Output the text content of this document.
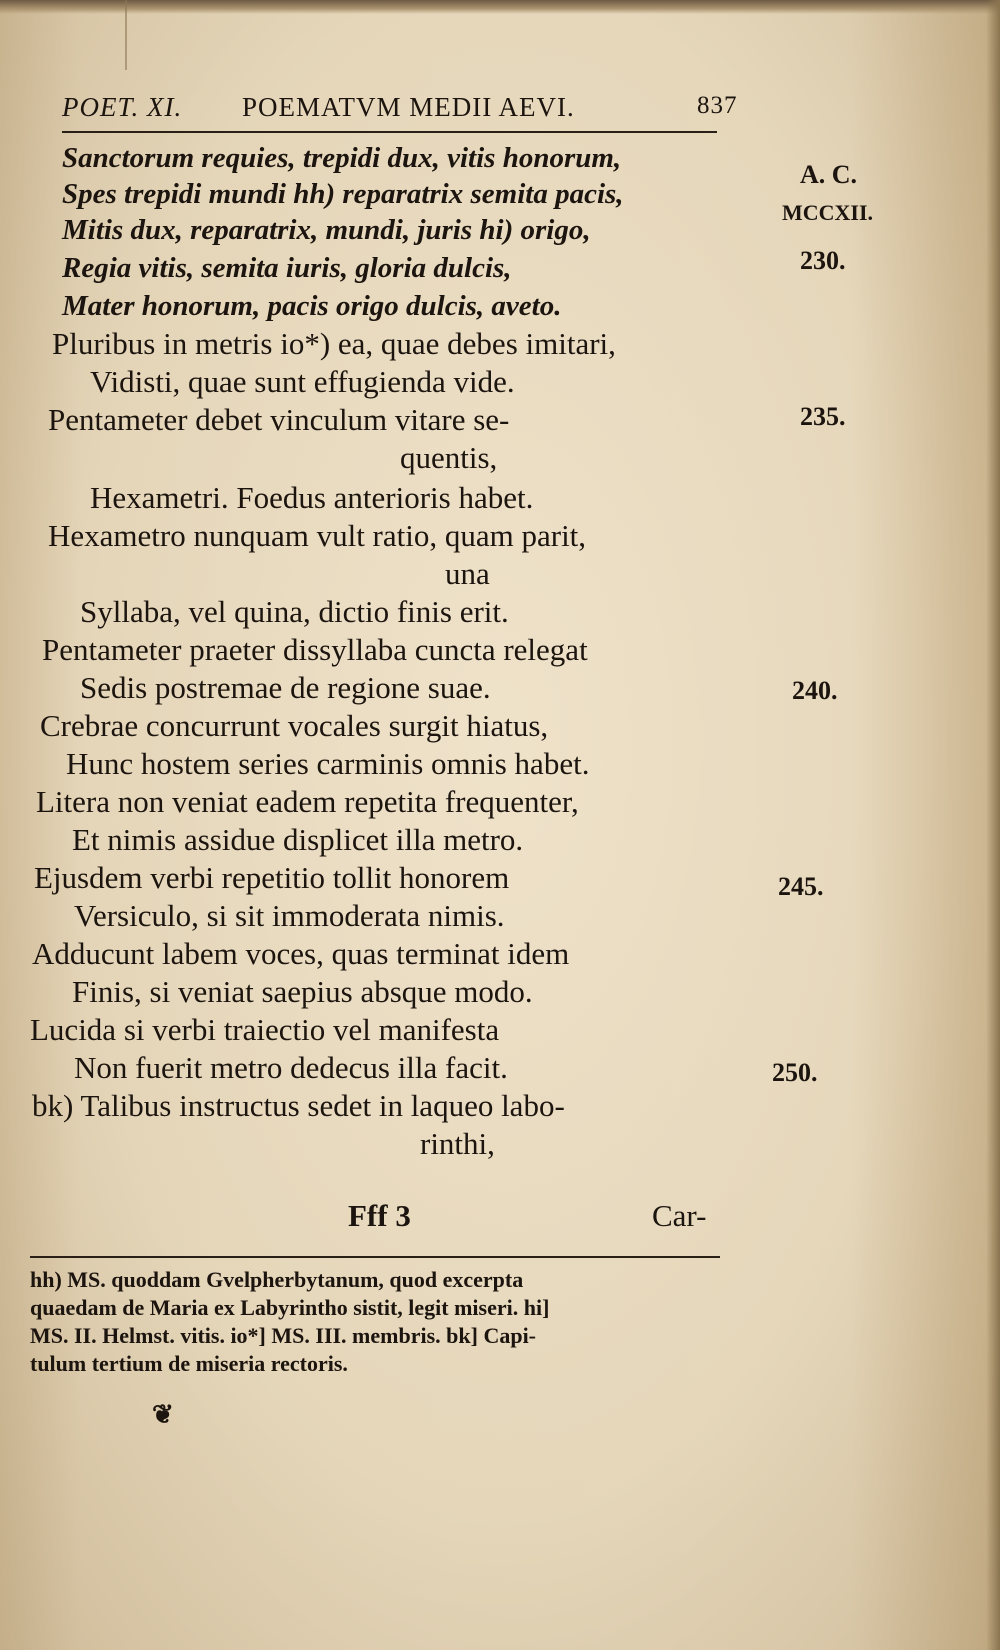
POET. XI. POEMATVM MEDII AEVI.	837
Sanctorum requies, trepidi dux, vitis honorum,
Spes trepidi mundi hh) reparatrix semita pacis,
Mitis dux, reparatrix, mundi, juris hi) origo,
Regia vitis, semita iuris, gloria dulcis,
Mater honorum, pacis origo dulcis, aveto.
Pluribus in metris io*) ea, quae debes imitari,
Vidisti, quae sunt effugienda vide.
Pentameter debet vinculum vitare se-
quentis,
Hexametri. Foedus anterioris habet.
Hexametro nunquam vult ratio, quam parit,
una
Syllaba, vel quina, dictio finis erit.
Pentameter praeter dissyllaba cuncta relegat
Sedis postremae de regione suae.
Crebrae concurrunt vocales surgit hiatus,
Hunc hostem series carminis omnis habet.
Litera non veniat eadem repetita frequenter,
Et nimis assidue displicet illa metro.
Ejusdem verbi repetitio tollit honorem
Versiculo, si sit immoderata nimis.
Adducunt labem voces, quas terminat idem
Finis, si veniat saepius absque modo.
Lucida si verbi traiectio vel manifesta
Non fuerit metro dedecus illa facit.
bk) Talibus instructus sedet in laqueo labo-
rinthi,
A. C.
MCCXII.
230.
235.
240.
245.
250.
Fff 3	Car-
hh) MS. quoddam Gvelpherbytanum, quod excerpta
quaedam de Maria ex Labyrintho sistit, legit miseri. hi]
MS. II. Helmst. vitis. io*] MS. III. membris. bk] Capi-
tulum tertium de miseria rectoris.
❦
